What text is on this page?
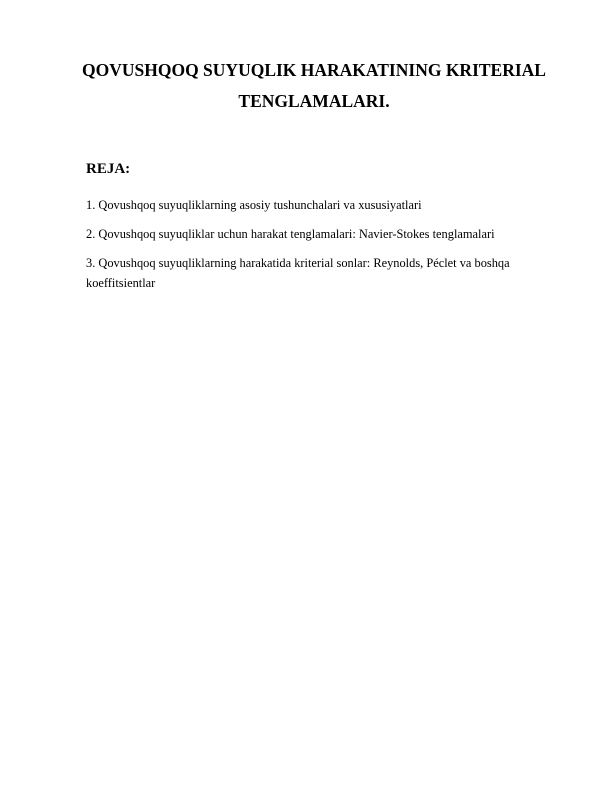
QOVUSHQOQ SUYUQLIK HARAKATINING KRITERIAL
TENGLAMALARI.
REJA:
1. Qovushqoq suyuqliklarning asosiy tushunchalari va xususiyatlari
2. Qovushqoq suyuqliklar uchun harakat tenglamalari: Navier-Stokes tenglamalari
3. Qovushqoq suyuqliklarning harakatida kriterial sonlar: Reynolds, Péclet va boshqa koeffitsientlar
